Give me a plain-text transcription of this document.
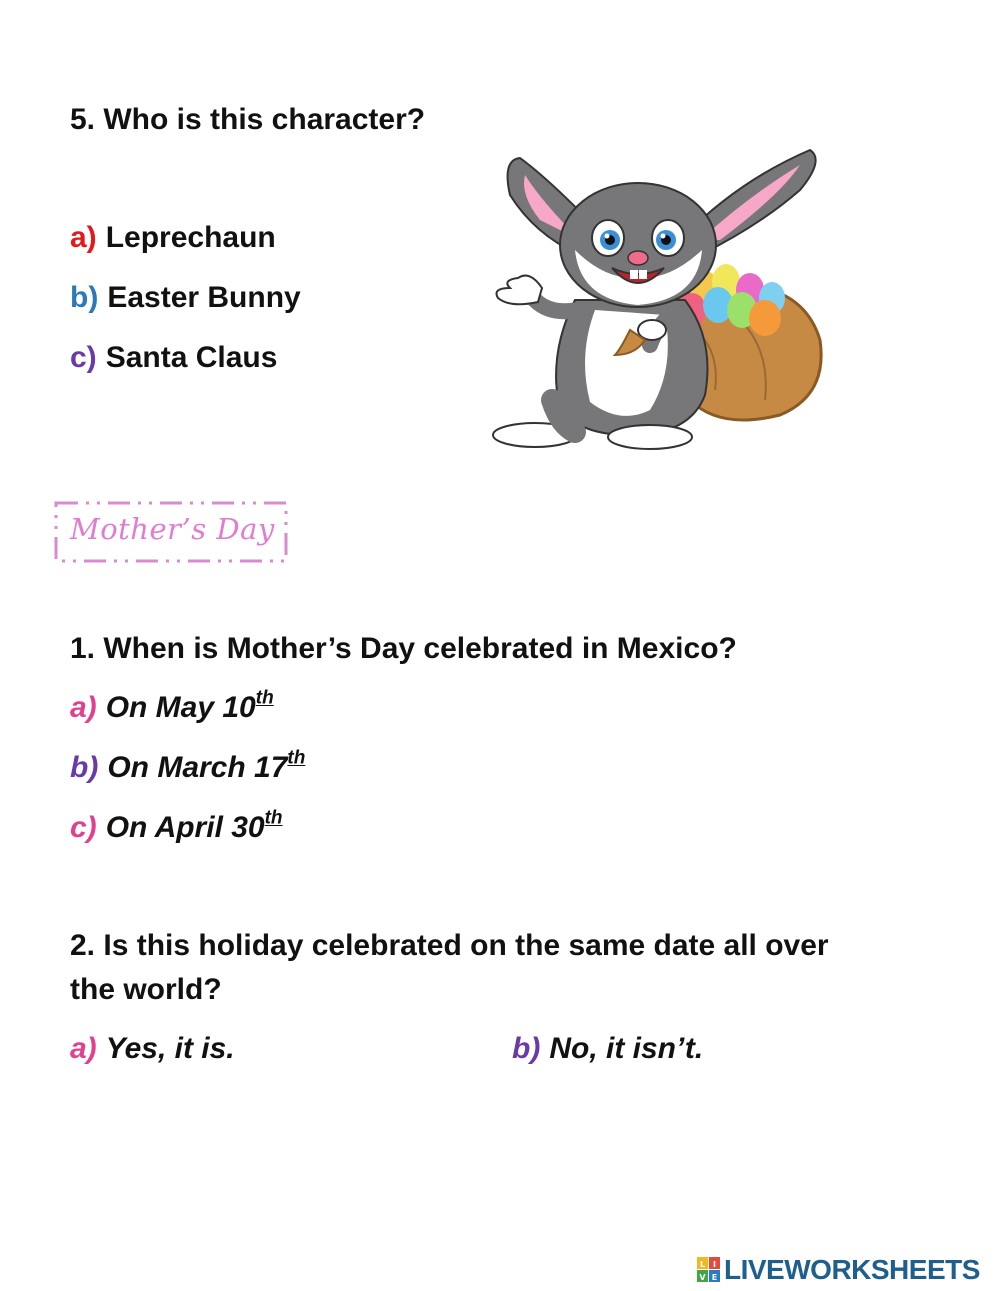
5. Who is this character?
a) Leprechaun
b) Easter Bunny
c) Santa Claus
Mother’s Day
1. When is Mother’s Day celebrated in Mexico?
a) On May 10th
b) On March 17th
c) On April 30th
2. Is this holiday celebrated on the same date all over
the world?
a) Yes, it is.	b) No, it isn’t.
L I
V E LIVEWORKSHEETS
